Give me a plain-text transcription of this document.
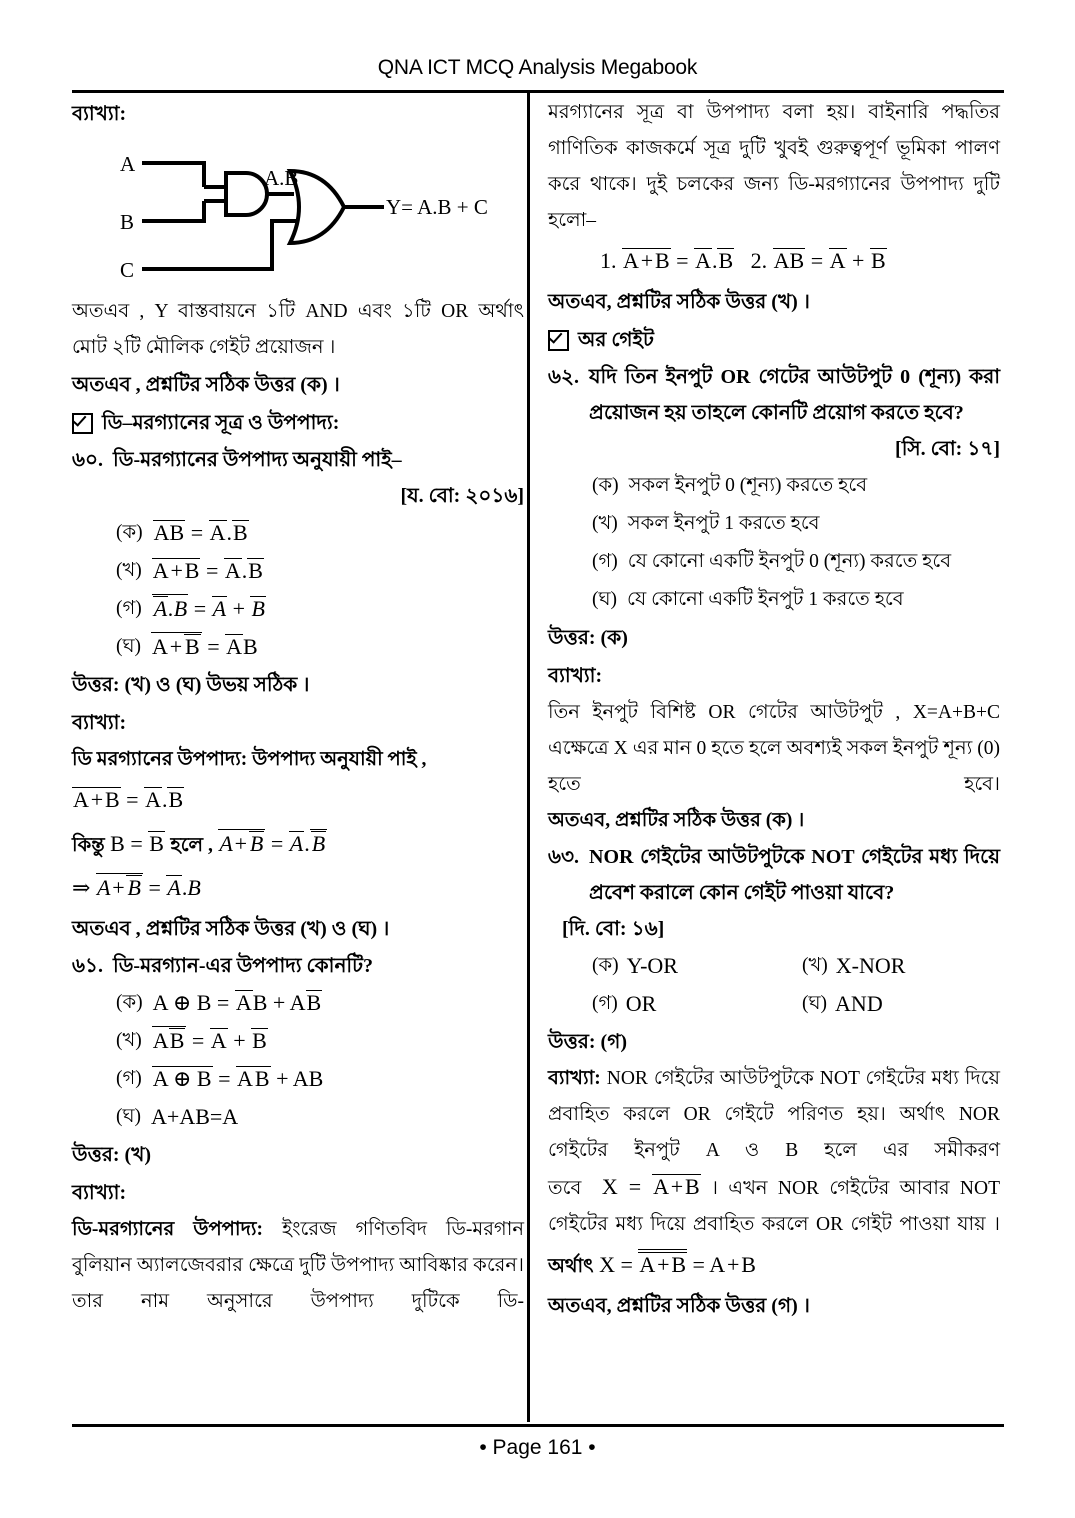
QNA ICT MCQ Analysis Megabook
ব্যাখ্যা:
A
B
C
A.B
Y= A.B + C
অতএব , Y বাস্তবায়নে ১টি AND এবং ১টি OR অর্থাৎ
মোট ২টি মৌলিক গেইট প্রয়োজন ।
অতএব , প্রশ্নটির সঠিক উত্তর (ক) ।
ডি–মরগ্যানের সূত্র ও উপপাদ্য:
৬০. ডি-মরগ্যানের উপপাদ্য অনুযায়ী পাই–
[য. বো: ২০১৬]
(ক) AB = A.B
(খ) A + B = A.B
(গ) A.B = A + B
(ঘ) A + B = AB
উত্তর: (খ) ও (ঘ) উভয় সঠিক ।
ব্যাখ্যা:
ডি মরগ্যানের উপপাদ্য: উপপাদ্য অনুযায়ী পাই ,
A + B = A.B
কিন্তু B = B হলে , A + B = A.B
⇒ A + B = A.B
অতএব , প্রশ্নটির সঠিক উত্তর (খ) ও (ঘ) ।
৬১. ডি-মরগ্যান-এর উপপাদ্য কোনটি?
(ক) A ⊕ B = AB + AB
(খ) AB = A + B
(গ) A ⊕ B = AB + AB
(ঘ) A+AB=A
উত্তর: (খ)
ব্যাখ্যা:
ডি-মরগ্যানের উপপাদ্য: ইংরেজ গণিতবিদ ডি-মরগান বুলিয়ান অ্যালজেবরার ক্ষেত্রে দুটি উপপাদ্য আবিষ্কার করেন। তার নাম অনুসারে উপপাদ্য দুটিকে ডি-
মরগ্যানের সূত্র বা উপপাদ্য বলা হয়। বাইনারি পদ্ধতির গাণিতিক কাজকর্মে সূত্র দুটি খুবই গুরুত্বপূর্ণ ভূমিকা পালণ করে থাকে। দুই চলকের জন্য ডি-মরগ্যানের উপপাদ্য দুটি হলো–
1. A + B = A.B 2. AB = A + B
অতএব, প্রশ্নটির সঠিক উত্তর (খ) ।
অর গেইট
৬২. যদি তিন ইনপুট OR গেটের আউটপুট 0 (শূন্য) করা প্রয়োজন হয় তাহলে কোনটি প্রয়োগ করতে হবে?
[সি. বো: ১৭]
(ক) সকল ইনপুট 0 (শূন্য) করতে হবে
(খ) সকল ইনপুট 1 করতে হবে
(গ) যে কোনো একটি ইনপুট 0 (শূন্য) করতে হবে
(ঘ) যে কোনো একটি ইনপুট 1 করতে হবে
উত্তর: (ক)
ব্যাখ্যা:
তিন ইনপুট বিশিষ্ট OR গেটের আউটপুট , X=A+B+C এক্ষেত্রে X এর মান 0 হতে হলে অবশ্যই সকল ইনপুট শূন্য (0) হতে হবে।
অতএব, প্রশ্নটির সঠিক উত্তর (ক) ।
৬৩. NOR গেইটের আউটপুটকে NOT গেইটের মধ্য দিয়ে প্রবেশ করালে কোন গেইট পাওয়া যাবে?
[দি. বো: ১৬]
(ক) Y-OR	(খ) X-NOR
(গ) OR	(ঘ) AND
উত্তর: (গ)
ব্যাখ্যা: NOR গেইটের আউটপুটকে NOT গেইটের মধ্য দিয়ে প্রবাহিত করলে OR গেইটে পরিণত হয়। অর্থাৎ NOR গেইটের ইনপুট A ও B হলে এর সমীকরণ
তবে X = A + B । এখন NOR গেইটের আবার NOT গেইটের মধ্য দিয়ে প্রবাহিত করলে OR গেইট পাওয়া যায় ।
অর্থাৎ X = A + B = A + B
অতএব, প্রশ্নটির সঠিক উত্তর (গ) ।
• Page 161 •
